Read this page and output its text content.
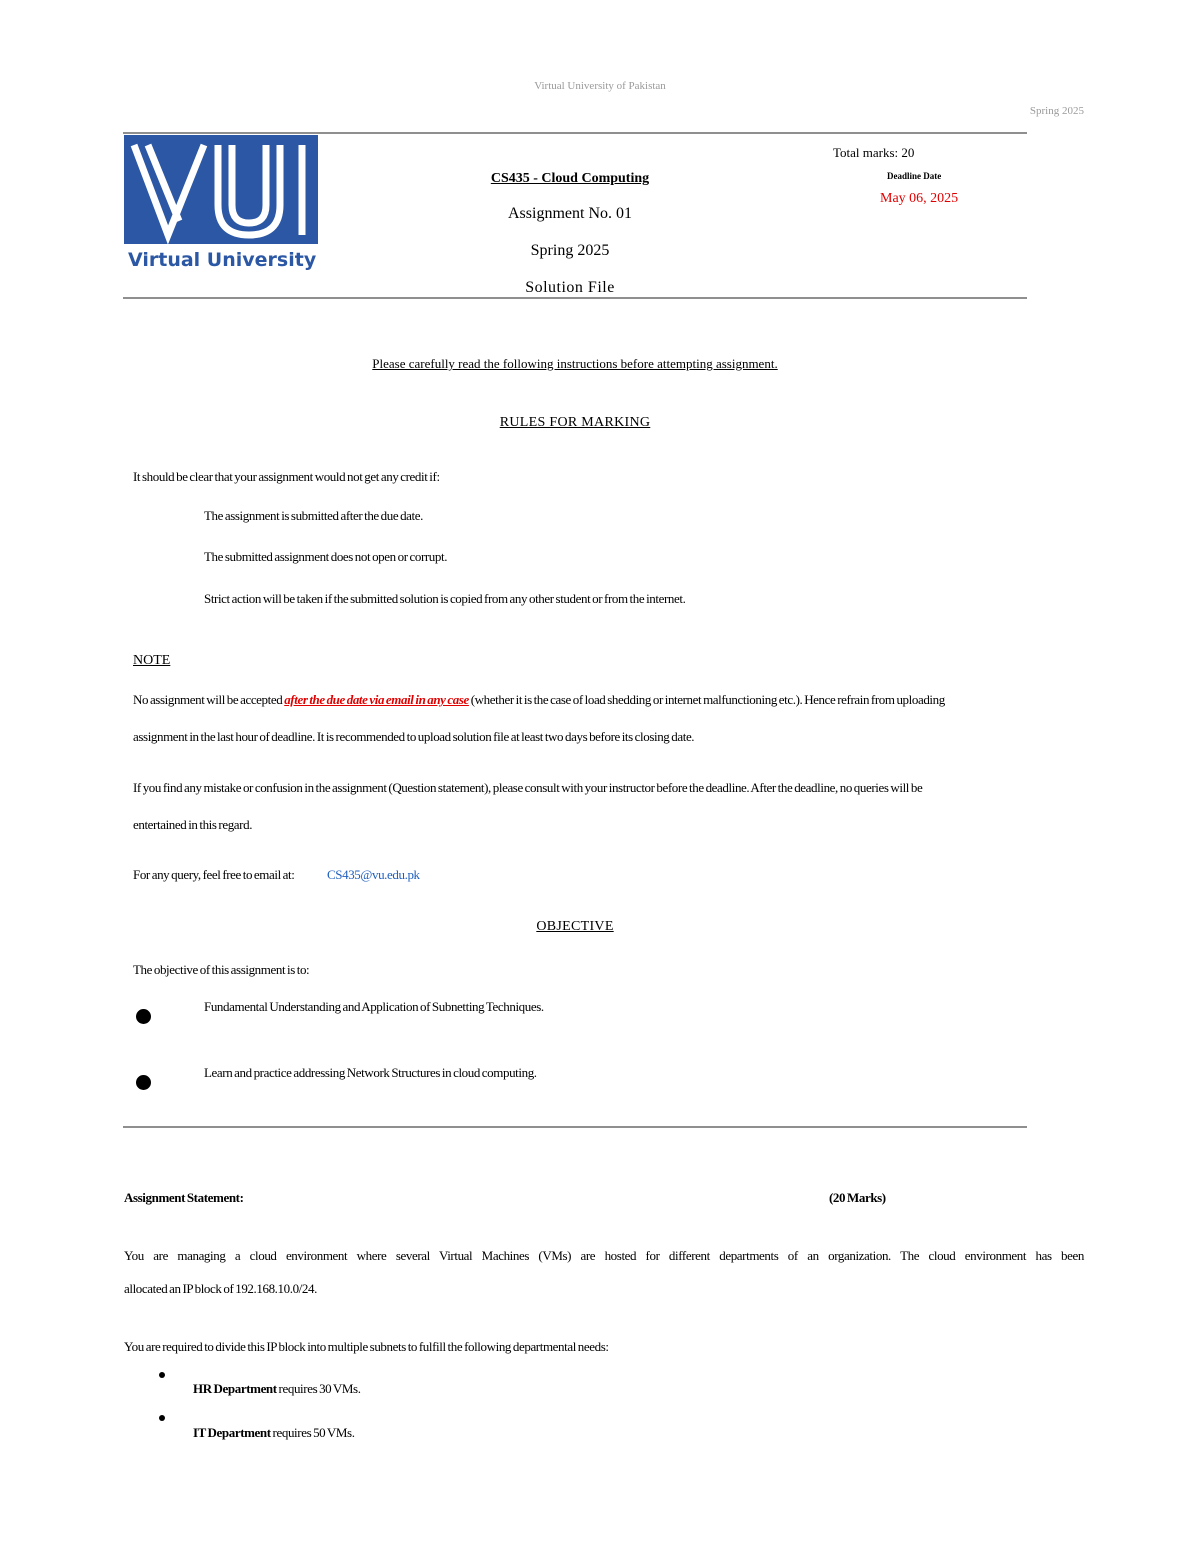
Virtual University of Pakistan
Spring 2025
Virtual University
CS435 - Cloud Computing
Assignment No. 01
Spring 2025
Solution File
Total marks: 20
Deadline Date
May 06, 2025
Please carefully read the following instructions before attempting assignment.
RULES FOR MARKING
It should be clear that your assignment would not get any credit if:
The assignment is submitted after the due date.
The submitted assignment does not open or corrupt.
Strict action will be taken if the submitted solution is copied from any other student or from the internet.
NOTE
No assignment will be accepted after the due date via email in any case (whether it is the case of load shedding or internet malfunctioning etc.). Hence refrain from uploading
assignment in the last hour of deadline. It is recommended to upload solution file at least two days before its closing date.
If you find any mistake or confusion in the assignment (Question statement), please consult with your instructor before the deadline. After the deadline, no queries will be
entertained in this regard.
For any query, feel free to email at:	CS435@vu.edu.pk
OBJECTIVE
The objective of this assignment is to:
Fundamental Understanding and Application of Subnetting Techniques.
Learn and practice addressing Network Structures in cloud computing.
Assignment Statement:	(20 Marks)
You are managing a cloud environment where several Virtual Machines (VMs) are hosted for different departments of an organization. The cloud environment has been
allocated an IP block of 192.168.10.0/24.
You are required to divide this IP block into multiple subnets to fulfill the following departmental needs:
HR Department requires 30 VMs.
IT Department requires 50 VMs.
